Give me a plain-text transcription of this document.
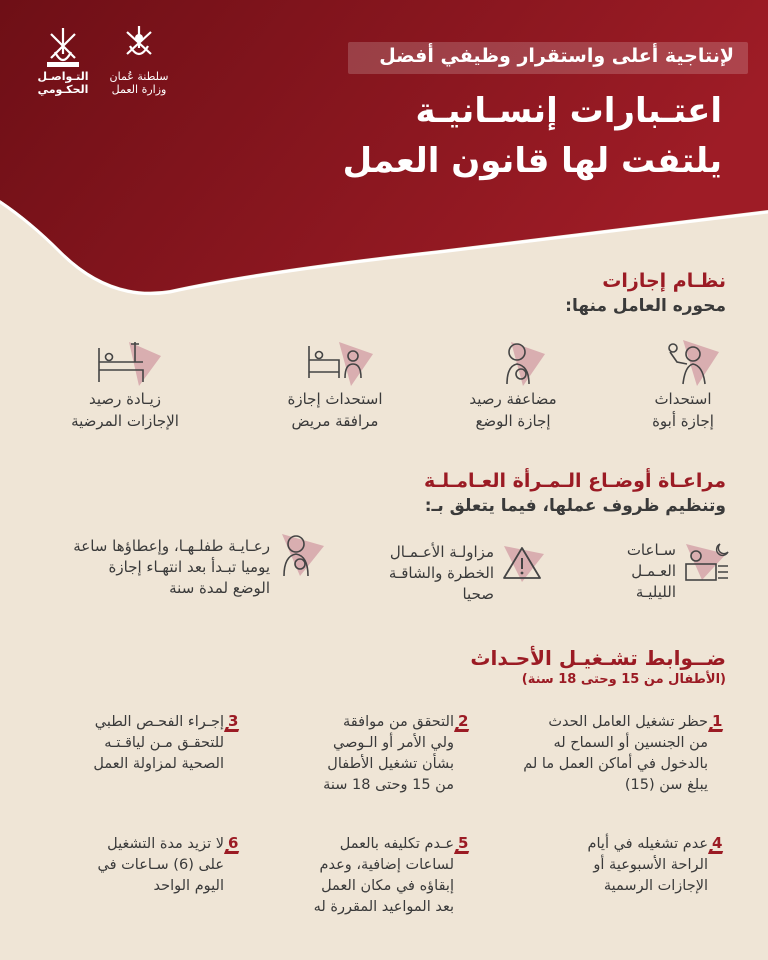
التـواصـل
الحكـومي
سلطنة عُمان
وزارة العمل
لإنتاجية أعلى واستقرار وظيفي أفضل
اعتـبارات إنسـانيـة
يلتفت لها قانون العمل
نظـام إجازات
محوره العامل منها:
استحداث
إجازة أبوة
مضاعفة رصيد
إجازة الوضع
استحداث إجازة
مرافقة مريض
زيـادة رصيد
الإجازات المرضية
مراعـاة أوضـاع الـمـرأة العـامـلـة
وتنظيم ظروف عملها، فيما يتعلق بـ:
سـاعات
العـمـل
الليليـة
مزاولـة الأعـمـال
الخطرة والشاقـة
صحيا
رعـايـة طفلـهـا، وإعطاؤها ساعة
يوميا تبـدأ بعد انتهـاء إجازة
الوضع لمدة سنة
ضــوابط تشـغيـل الأحـداث
(الأطفال من 15 وحتى 18 سنة)
1
حظر تشغيل العامل الحدث
من الجنسين أو السماح له
بالدخول في أماكن العمل ما لم
يبلغ سن (15)
2
التحقق من موافقة
ولي الأمر أو الـوصي
بشأن تشغيل الأطفال
من 15 وحتى 18 سنة
3
إجـراء الفحـص الطبي
للتحقـق مـن لياقـتـه
الصحية لمزاولة العمل
4
عدم تشغيله في أيام
الراحة الأسبوعية أو
الإجازات الرسمية
5
عـدم تكليفه بالعمل
لساعات إضافية، وعدم
إبقاؤه في مكان العمل
بعد المواعيد المقررة له
6
لا تزيد مدة التشغيل
على (6) سـاعات في
اليوم الواحد
